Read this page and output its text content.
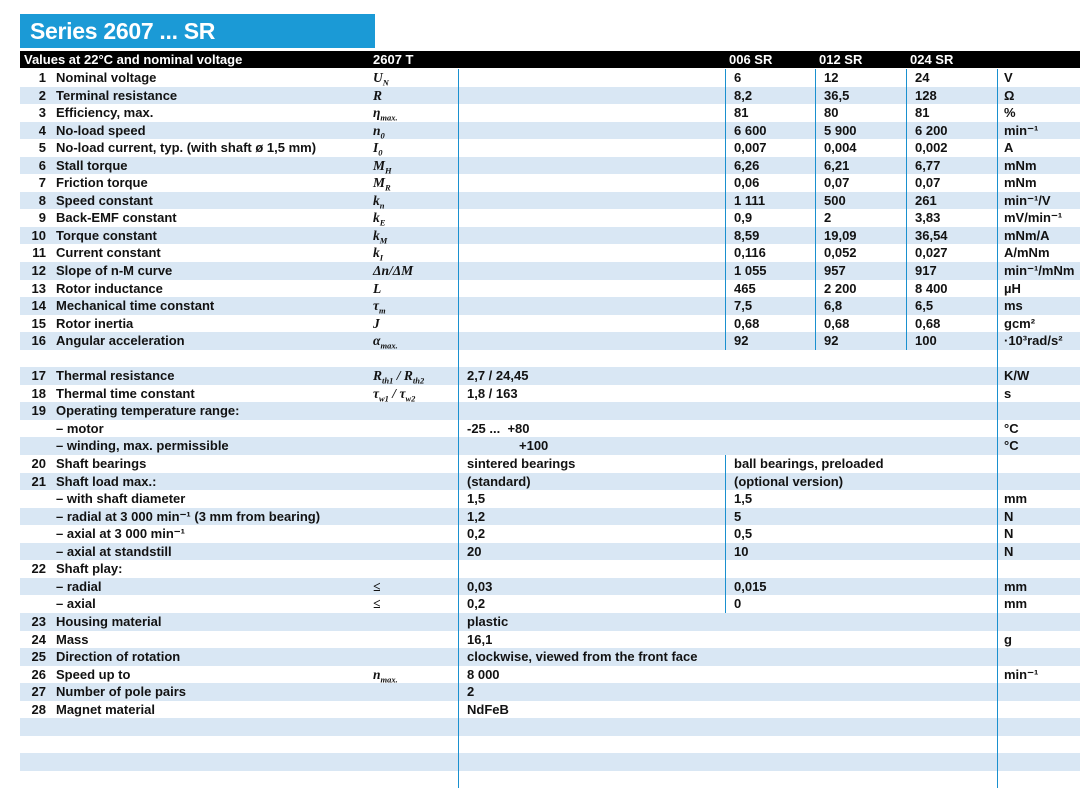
Series 2607 ... SR
Values at 22°C and nominal voltage	2607 T	006 SR	012 SR	024 SR
1 Nominal voltage	$U_N$	6	12	24	V
2 Terminal resistance	R	8,2	36,5	128	Ω
3 Efficiency, max.	$\eta_{max.}$	81	80	81	%
4 No-load speed	$n_0$	6 600	5 900	6 200	min⁻¹
5 No-load current, typ. (with shaft ø 1,5 mm)	$I_0$	0,007	0,004	0,002	A
6 Stall torque	$M_H$	6,26	6,21	6,77	mNm
7 Friction torque	$M_R$	0,06	0,07	0,07	mNm
8 Speed constant	$k_n$	1 111	500	261	min⁻¹/V
9 Back-EMF constant	$k_E$	0,9	2	3,83	mV/min⁻¹
10 Torque constant	$k_M$	8,59	19,09	36,54	mNm/A
11 Current constant	$k_I$	0,116	0,052	0,027	A/mNm
12 Slope of n-M curve	Δn/ΔM	1 055	957	917	min⁻¹/mNm
13 Rotor inductance	L	465	2 200	8 400	µH
14 Mechanical time constant	$\tau_m$	7,5	6,8	6,5	ms
15 Rotor inertia	J	0,68	0,68	0,68	gcm²
16 Angular acceleration	$\alpha_{max.}$	92	92	100	·10³rad/s²
17 Thermal resistance	$R_{th1} / R_{th2}$	2,7 / 24,45	K/W
18 Thermal time constant	$\tau_{w1} / \tau_{w2}$	1,8 / 163	s
19 Operating temperature range:
– motor	-25 ...  +80	°C
– winding, max. permissible	+100	°C
20 Shaft bearings	sintered bearings	ball bearings, preloaded
21 Shaft load max.:	(standard)	(optional version)
– with shaft diameter	1,5	1,5	mm
– radial at 3 000 min⁻¹ (3 mm from bearing)	1,2	5	N
– axial at 3 000 min⁻¹	0,2	0,5	N
– axial at standstill	20	10	N
22 Shaft play:
– radial	≤	0,03	0,015	mm
– axial	≤	0,2	0	mm
23 Housing material	plastic
24 Mass	16,1	g
25 Direction of rotation	clockwise, viewed from the front face
26 Speed up to	$n_{max.}$	8 000	min⁻¹
27 Number of pole pairs	2
28 Magnet material	NdFeB
